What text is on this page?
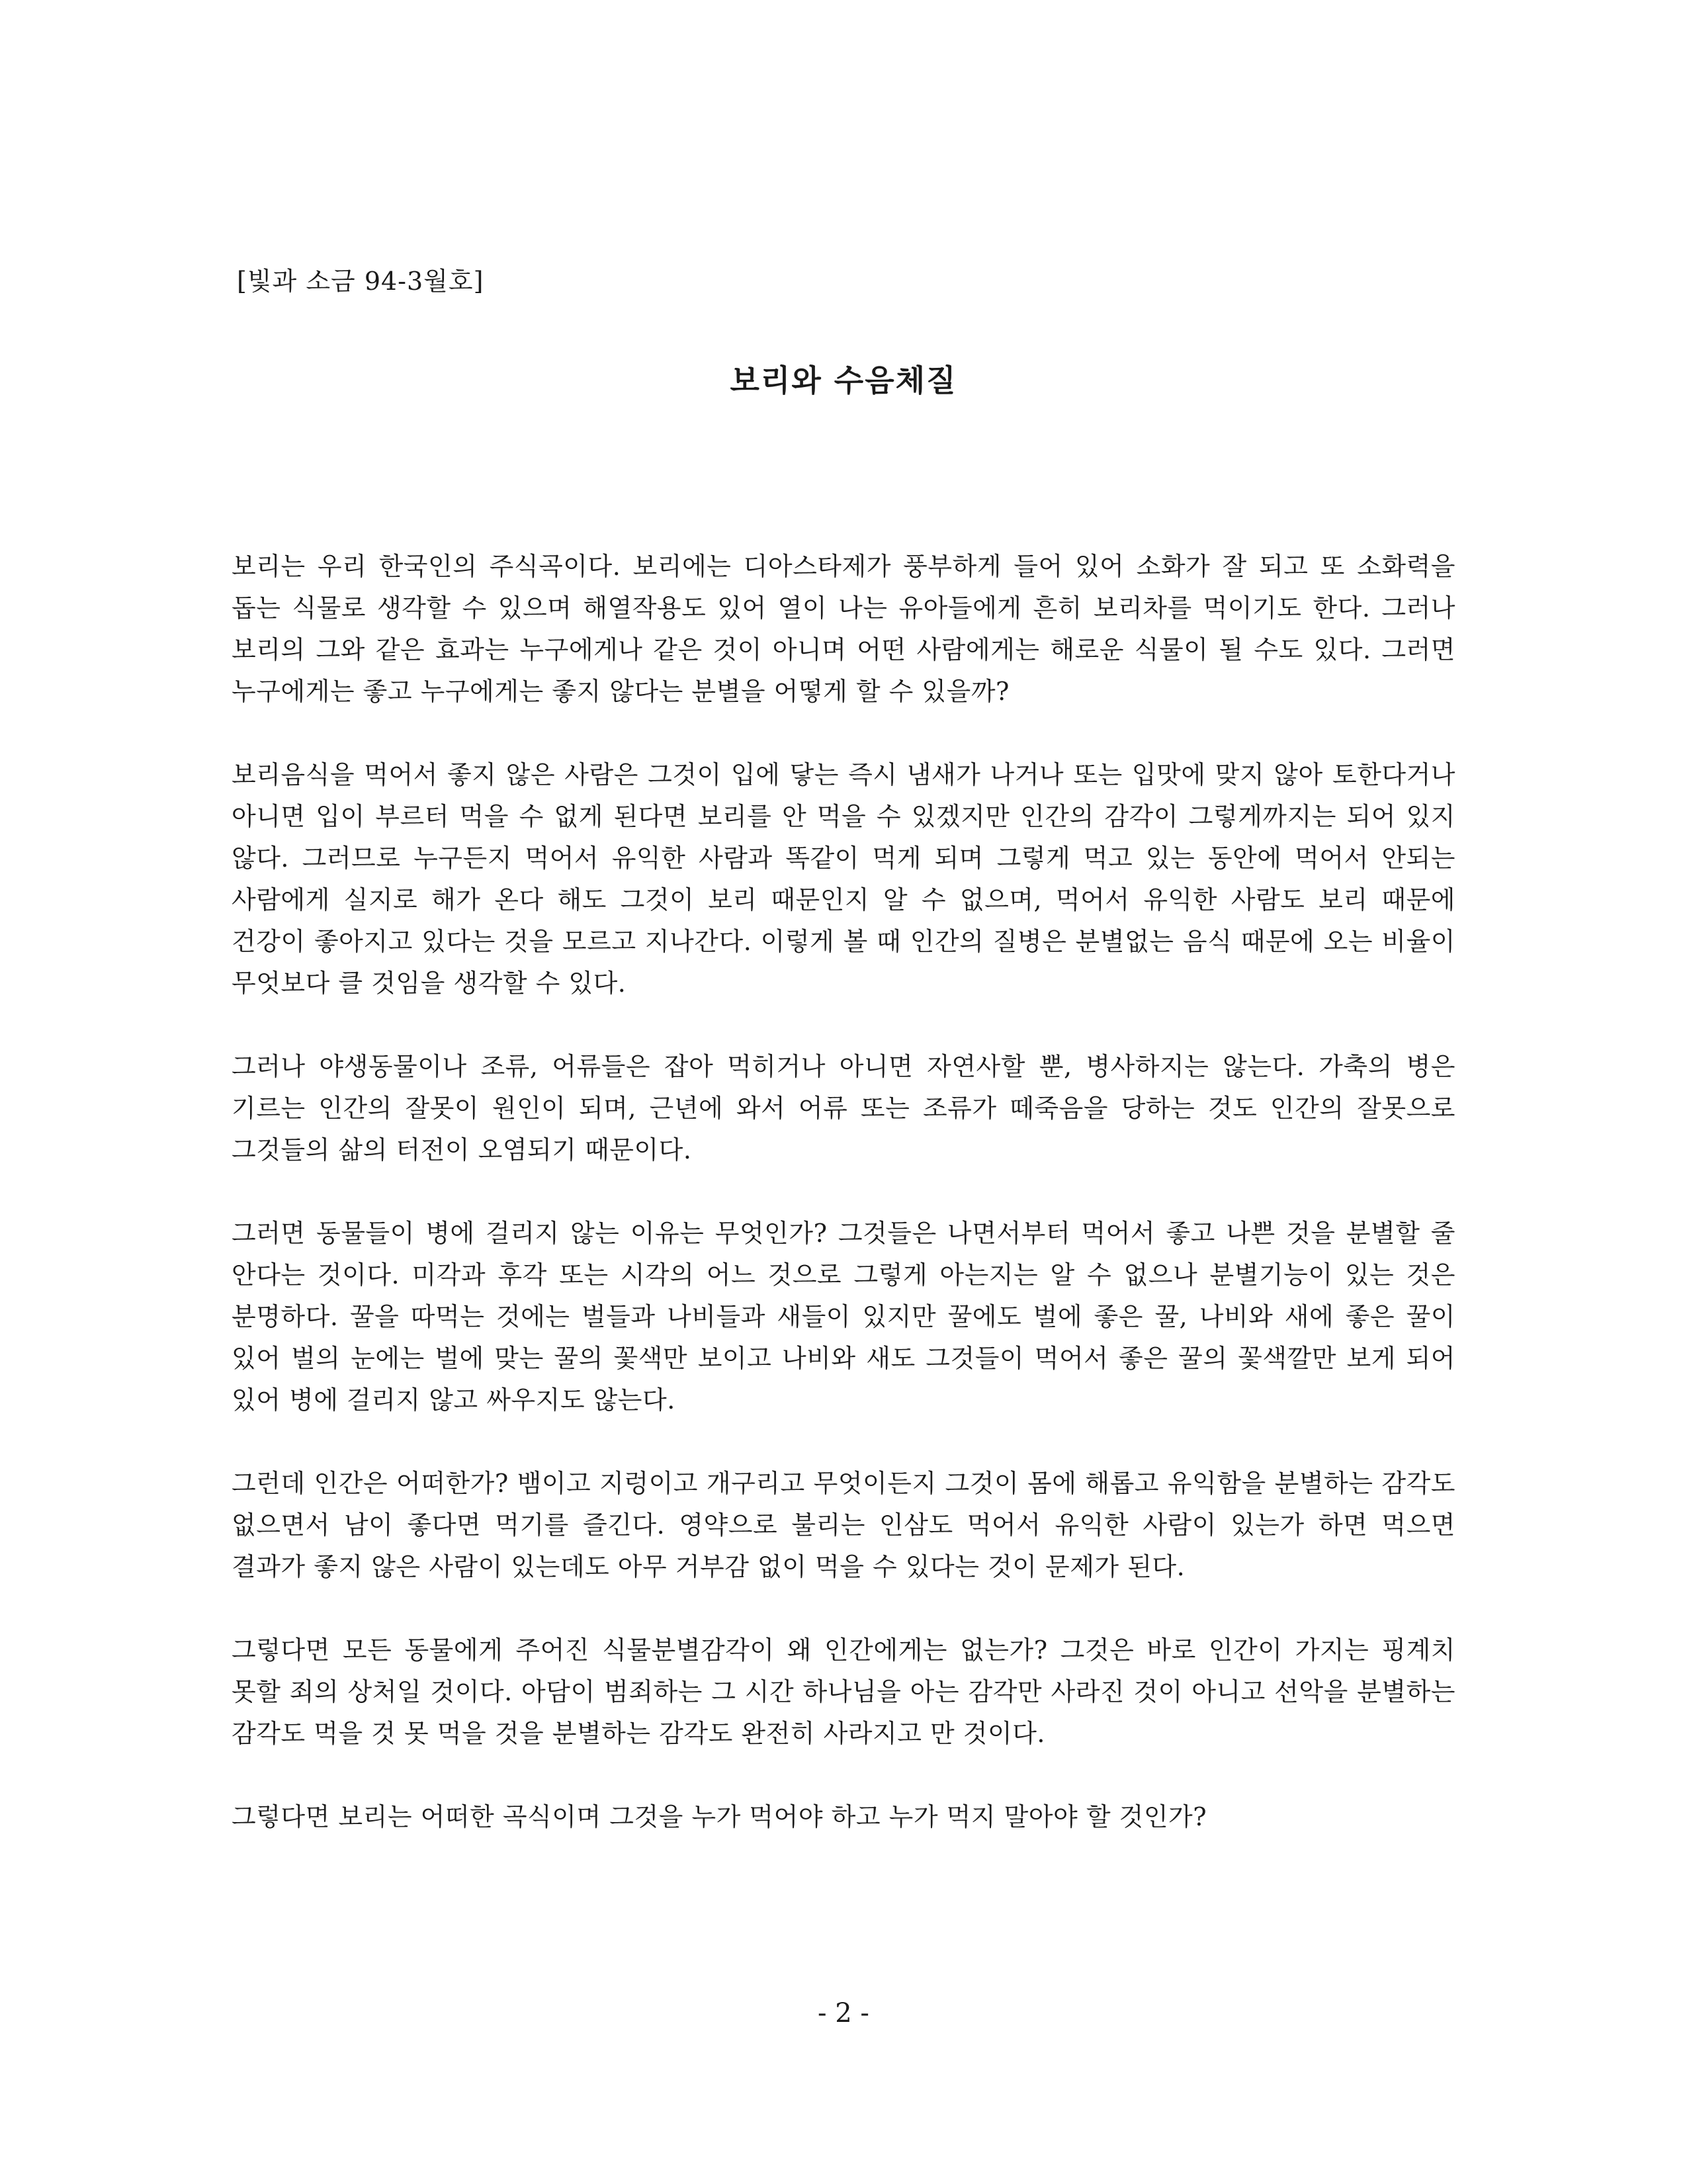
[빛과 소금 94-3월호]
보리와 수음체질

보리는 우리 한국인의 주식곡이다. 보리에는 디아스타제가 풍부하게 들어 있어 소화가 잘 되고 또 소화력을 돕는 식물로 생각할 수 있으며 해열작용도 있어 열이 나는 유아들에게 흔히 보리차를 먹이기도 한다. 그러나 보리의 그와 같은 효과는 누구에게나 같은 것이 아니며 어떤 사람에게는 해로운 식물이 될 수도 있다. 그러면 누구에게는 좋고 누구에게는 좋지 않다는 분별을 어떻게 할 수 있을까?

보리음식을 먹어서 좋지 않은 사람은 그것이 입에 닿는 즉시 냄새가 나거나 또는 입맛에 맞지 않아 토한다거나 아니면 입이 부르터 먹을 수 없게 된다면 보리를 안 먹을 수 있겠지만 인간의 감각이 그렇게까지는 되어 있지 않다. 그러므로 누구든지 먹어서 유익한 사람과 똑같이 먹게 되며 그렇게 먹고 있는 동안에 먹어서 안되는 사람에게 실지로 해가 온다 해도 그것이 보리 때문인지 알 수 없으며, 먹어서 유익한 사람도 보리 때문에 건강이 좋아지고 있다는 것을 모르고 지나간다. 이렇게 볼 때 인간의 질병은 분별없는 음식 때문에 오는 비율이 무엇보다 클 것임을 생각할 수 있다.

그러나 야생동물이나 조류, 어류들은 잡아 먹히거나 아니면 자연사할 뿐, 병사하지는 않는다. 가축의 병은 기르는 인간의 잘못이 원인이 되며, 근년에 와서 어류 또는 조류가 떼죽음을 당하는 것도 인간의 잘못으로 그것들의 삶의 터전이 오염되기 때문이다.

그러면 동물들이 병에 걸리지 않는 이유는 무엇인가? 그것들은 나면서부터 먹어서 좋고 나쁜 것을 분별할 줄 안다는 것이다. 미각과 후각 또는 시각의 어느 것으로 그렇게 아는지는 알 수 없으나 분별기능이 있는 것은 분명하다. 꿀을 따먹는 것에는 벌들과 나비들과 새들이 있지만 꿀에도 벌에 좋은 꿀, 나비와 새에 좋은 꿀이 있어 벌의 눈에는 벌에 맞는 꿀의 꽃색만 보이고 나비와 새도 그것들이 먹어서 좋은 꿀의 꽃색깔만 보게 되어 있어 병에 걸리지 않고 싸우지도 않는다.

그런데 인간은 어떠한가? 뱀이고 지렁이고 개구리고 무엇이든지 그것이 몸에 해롭고 유익함을 분별하는 감각도 없으면서 남이 좋다면 먹기를 즐긴다. 영약으로 불리는 인삼도 먹어서 유익한 사람이 있는가 하면 먹으면 결과가 좋지 않은 사람이 있는데도 아무 거부감 없이 먹을 수 있다는 것이 문제가 된다.

그렇다면 모든 동물에게 주어진 식물분별감각이 왜 인간에게는 없는가? 그것은 바로 인간이 가지는 핑계치 못할 죄의 상처일 것이다. 아담이 범죄하는 그 시간 하나님을 아는 감각만 사라진 것이 아니고 선악을 분별하는 감각도 먹을 것 못 먹을 것을 분별하는 감각도 완전히 사라지고 만 것이다.

그렇다면 보리는 어떠한 곡식이며 그것을 누가 먹어야 하고 누가 먹지 말아야 할 것인가?

- 2 -
